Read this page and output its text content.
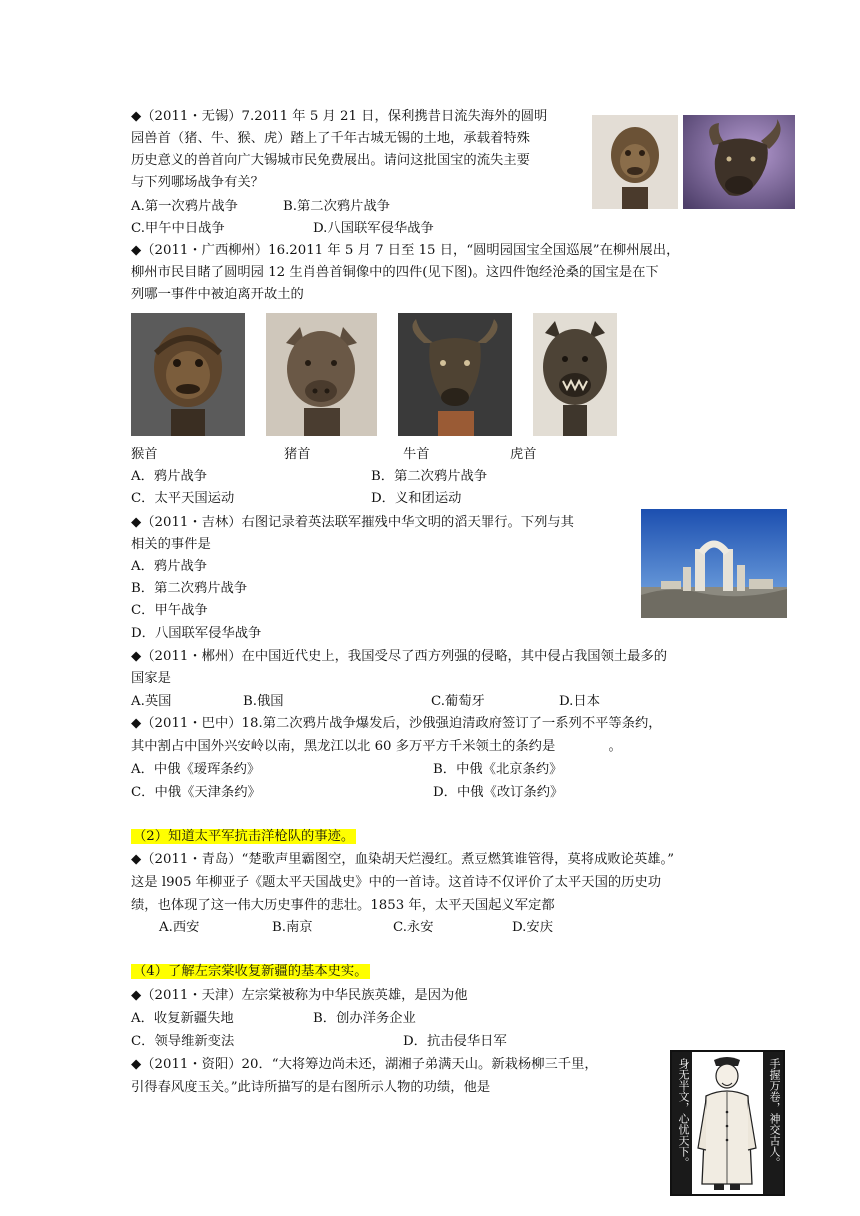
◆（2011・无锡）7.2011 年 5 月 21 日，保利携昔日流失海外的圆明
园兽首（猪、牛、猴、虎）踏上了千年古城无锡的土地，承载着特殊
历史意义的兽首向广大锡城市民免费展出。请问这批国宝的流失主要
与下列哪场战争有关？
A.第一次鸦片战争	B.第二次鸦片战争
C.甲午中日战争	D.八国联军侵华战争
◆（2011・广西柳州）16.2011 年 5 月 7 日至 15 日，“圆明园国宝全国巡展”在柳州展出，
柳州市民目睹了圆明园 12 生肖兽首铜像中的四件(见下图)。这四件饱经沧桑的国宝是在下
列哪一事件中被迫离开故土的
猴首	猪首	牛首	虎首
A．鸦片战争	B．第二次鸦片战争
C．太平天国运动	D．义和团运动
◆（2011・吉林）右图记录着英法联军摧残中华文明的滔天罪行。下列与其
相关的事件是
A．鸦片战争
B．第二次鸦片战争
C．甲午战争
D．八国联军侵华战争
◆（2011・郴州）在中国近代史上，我国受尽了西方列强的侵略，其中侵占我国领土最多的
国家是
A.英国	B.俄国	C.葡萄牙	D.日本
◆（2011・巴中）18.第二次鸦片战争爆发后，沙俄强迫清政府签订了一系列不平等条约，
其中割占中国外兴安岭以南，黑龙江以北 60 多万平方千米领土的条约是　　　　。
A．中俄《瑷珲条约》	B．中俄《北京条约》
C．中俄《天津条约》	D．中俄《改订条约》
（2）知道太平军抗击洋枪队的事迹。
◆（2011・青岛）“楚歌声里霸图空，血染胡天烂漫红。煮豆燃箕谁管得，莫将成败论英雄。”
这是 l905 年柳亚子《题太平天国战史》中的一首诗。这首诗不仅评价了太平天国的历史功
绩，也体现了这一伟大历史事件的悲壮。1853 年，太平天国起义军定都
A.西安	B.南京	C.永安	D.安庆
（4）了解左宗棠收复新疆的基本史实。
◆（2011・天津）左宗棠被称为中华民族英雄，是因为他
A．收复新疆失地	B．创办洋务企业
C．领导维新变法	D．抗击侵华日军
◆（2011・资阳）20．“大将筹边尚未还，湖湘子弟满天山。新栽杨柳三千里，
引得春风度玉关。”此诗所描写的是右图所示人物的功绩，他是	身无半文，心忧天下。	手握万卷，神交古人。
